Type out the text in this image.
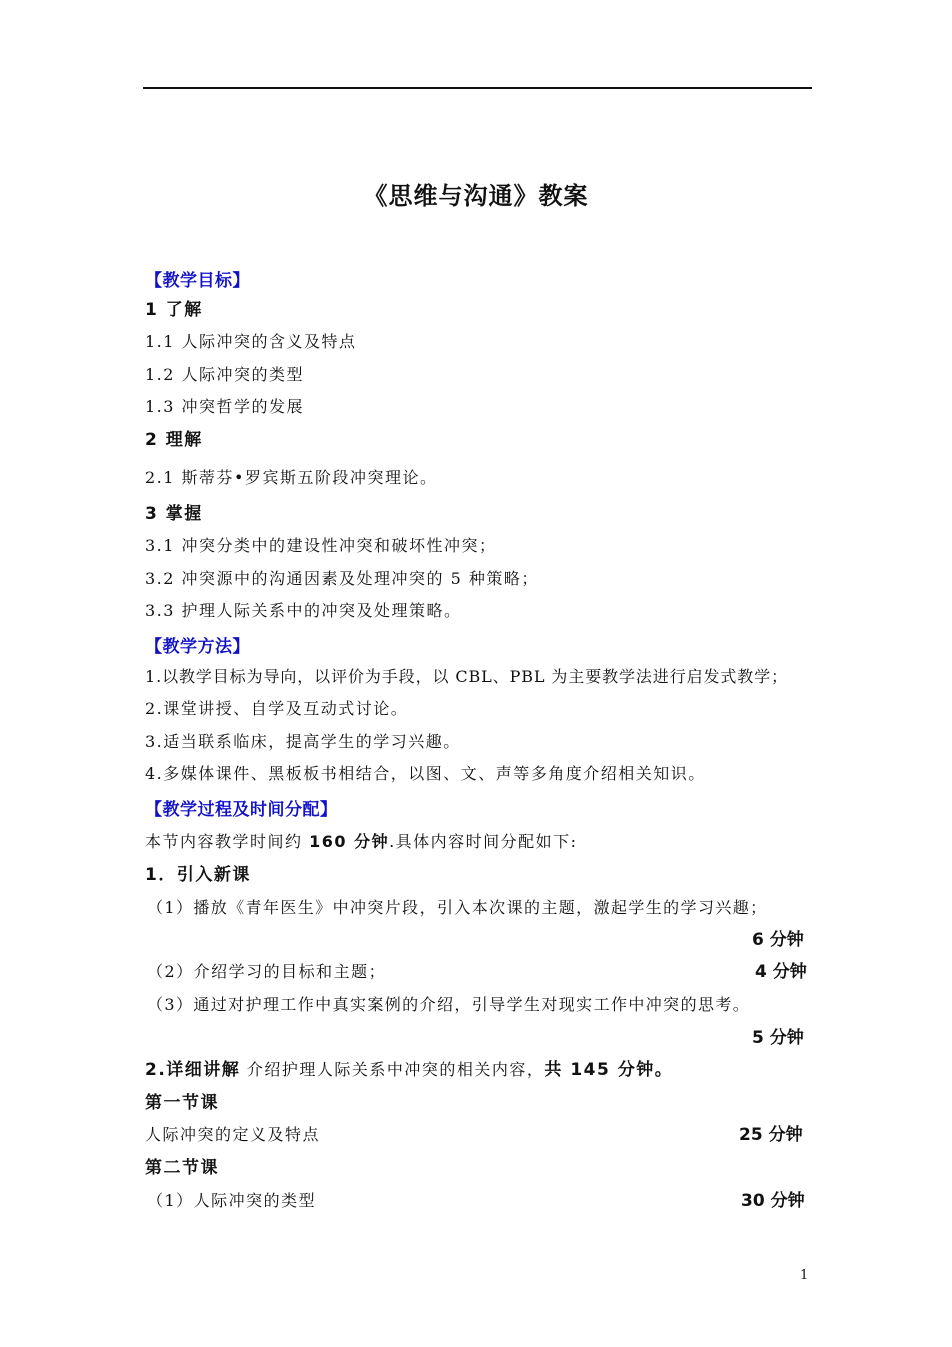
《思维与沟通》教案
【教学目标】
1 了解
1.1 人际冲突的含义及特点
1.2 人际冲突的类型
1.3 冲突哲学的发展
2 理解
2.1 斯蒂芬•罗宾斯五阶段冲突理论。
3 掌握
3.1 冲突分类中的建设性冲突和破坏性冲突；
3.2 冲突源中的沟通因素及处理冲突的 5 种策略；
3.3 护理人际关系中的冲突及处理策略。
【教学方法】
1.以教学目标为导向，以评价为手段，以 CBL、PBL 为主要教学法进行启发式教学；
2.课堂讲授、自学及互动式讨论。
3.适当联系临床，提高学生的学习兴趣。
4.多媒体课件、黑板板书相结合，以图、文、声等多角度介绍相关知识。
【教学过程及时间分配】
本节内容教学时间约 160 分钟.具体内容时间分配如下:
1．引入新课
（1）播放《青年医生》中冲突片段，引入本次课的主题，激起学生的学习兴趣；
6 分钟
（2）介绍学习的目标和主题；	4 分钟
（3）通过对护理工作中真实案例的介绍，引导学生对现实工作中冲突的思考。
5 分钟
2.详细讲解 介绍护理人际关系中冲突的相关内容，共 145 分钟。
第一节课
人际冲突的定义及特点	25 分钟
第二节课
（1）人际冲突的类型	30 分钟
1
